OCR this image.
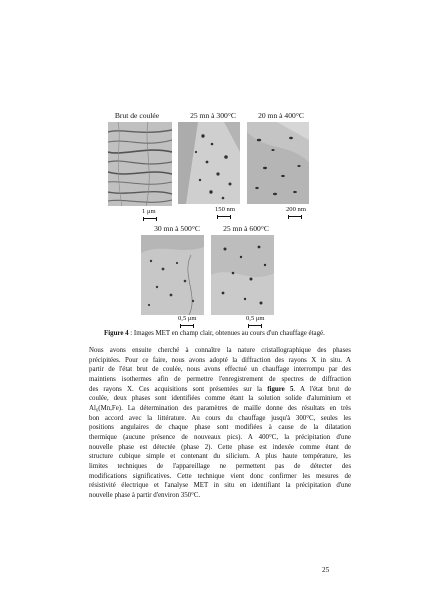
Brut de coulée
1 μm
25 mn à 300°C
150 nm
20 mn à 400°C
200 nm
30 mn à 500°C
0,5 μm
25 mn à 600°C
0,5 μm
Figure 4 : Images MET en champ clair, obtenues au cours d'un chauffage étagé.
Nous avons ensuite cherché à connaître la nature cristallographique des phases
précipitées. Pour ce faire, nous avons adopté la diffraction des rayons X in situ. A
partir de l'état brut de coulée, nous avons effectué un chauffage interrompu par des
maintiens isothermes afin de permettre l'enregistrement de spectres de diffraction
des rayons X. Ces acquisitions sont présentées sur la figure 5. A l'état brut de
coulée, deux phases sont identifiées comme étant la solution solide d'aluminium et
Al₆(Mn,Fe). La détermination des paramètres de maille donne des résultats en très
bon accord avec la littérature. Au cours du chauffage jusqu'à 300°C, seules les
positions angulaires de chaque phase sont modifiées à cause de la dilatation
thermique (aucune présence de nouveaux pics). A 400°C, la précipitation d'une
nouvelle phase est détectée (phase 2). Cette phase est indexée comme étant de
structure cubique simple et contenant du silicium. A plus haute température, les
limites techniques de l'appareillage ne permettent pas de détecter des
modifications significatives. Cette technique vient donc confirmer les mesures de
résistivité électrique et l'analyse MET in situ en identifiant la précipitation d'une
nouvelle phase à partir d'environ 350°C.
25
